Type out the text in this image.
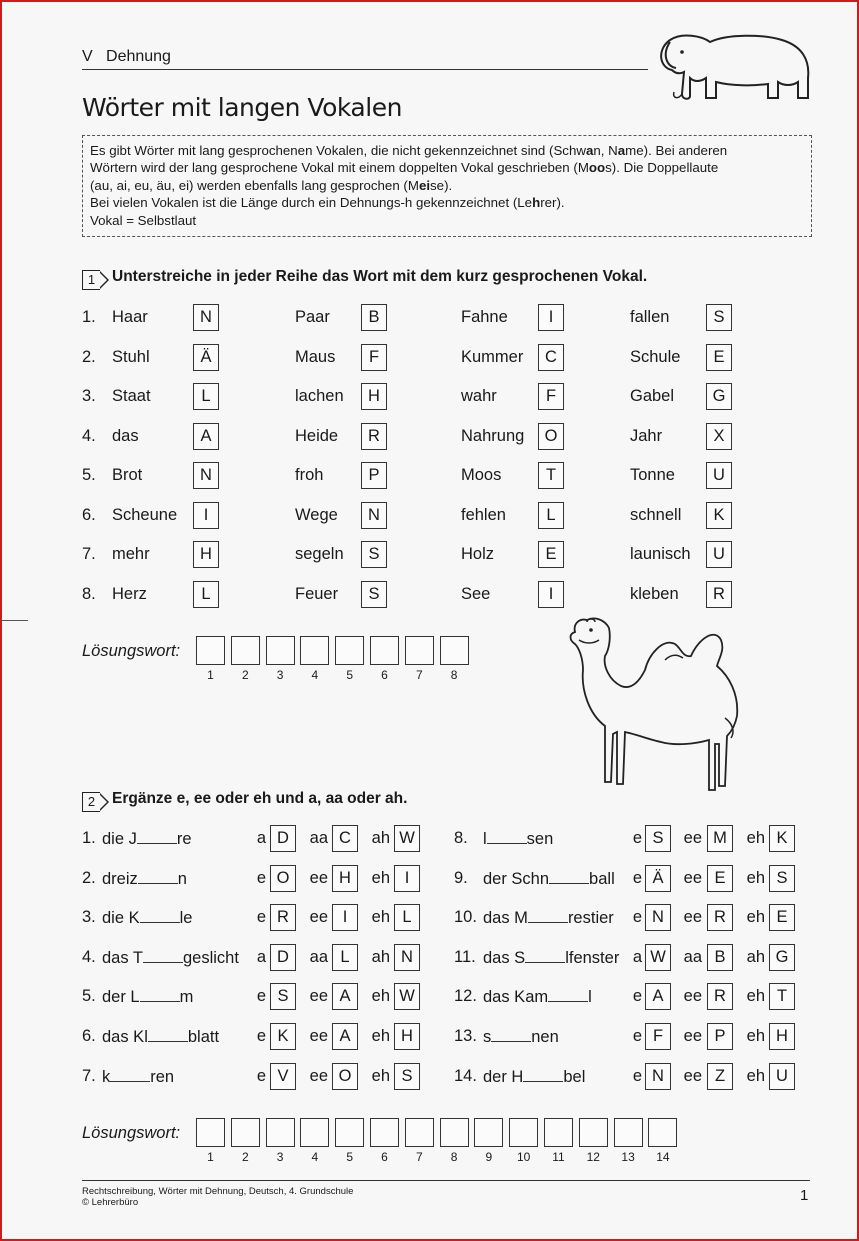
V   Dehnung
Wörter mit langen Vokalen
Es gibt Wörter mit lang gesprochenen Vokalen, die nicht gekennzeichnet sind (Schwan, Name). Bei anderen
Wörtern wird der lang gesprochene Vokal mit einem doppelten Vokal geschrieben (Moos). Die Doppellaute
(au, ai, eu, äu, ei) werden ebenfalls lang gesprochen (Meise).
Bei vielen Vokalen ist die Länge durch ein Dehnungs-h gekennzeichnet (Lehrer).
Vokal = Selbstlaut
1 Unterstreiche in jeder Reihe das Wort mit dem kurz gesprochenen Vokal.
1. Haar	N	Paar	B	Fahne	I	fallen	S
2. Stuhl	Ä	Maus	F	Kummer	C	Schule	E
3. Staat	L	lachen	H	wahr	F	Gabel	G
4. das	A	Heide	R	Nahrung	O	Jahr	X
5. Brot	N	froh	P	Moos	T	Tonne	U
6. Scheune	I	Wege	N	fehlen	L	schnell	K
7. mehr	H	segeln	S	Holz	E	launisch	U
8. Herz	L	Feuer	S	See	I	kleben	R
Lösungswort:
1	2	3	4	5	6	7	8
2 Ergänze e, ee oder eh und a, aa oder ah.
1. die J re	a D	aa C	ah W
2. dreiz n	e O	ee H	eh I
3. die K le	e R	ee I	eh L
4. das T geslicht	a D	aa L	ah N
5. der L m	e S	ee A	eh W
6. das Kl blatt	e K	ee A	eh H
7. k ren	e V	ee O	eh S
8. l sen	e S	ee M	eh K
9. der Schn ball	e Ä	ee E	eh S
10. das M restier	e N	ee R	eh E
11. das S lfenster a W	aa B	ah G
12. das Kam l	e A	ee R	eh T
13. s nen	e F	ee P	eh H
14. der H bel	e N	ee Z	eh U
Lösungswort:
1	2	3	4	5	6	7	8	9	10	11	12	13	14
Rechtschreibung, Wörter mit Dehnung, Deutsch, 4. Grundschule
© Lehrerbüro	1
